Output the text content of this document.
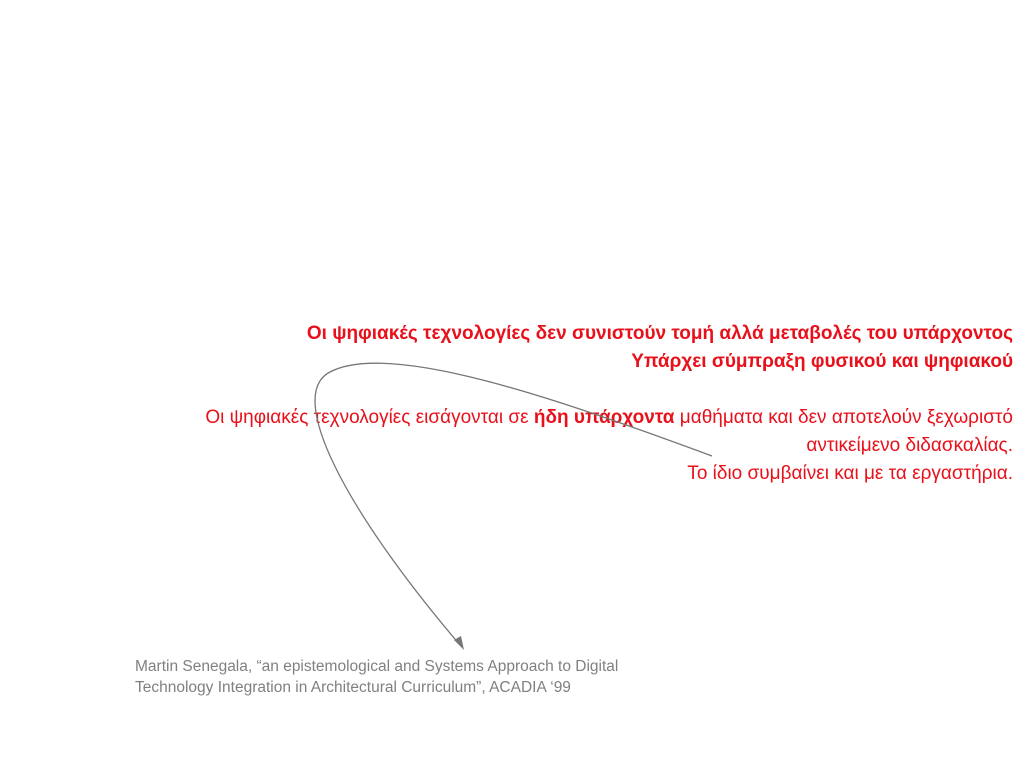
Οι ψηφιακές τεχνολογίες δεν συνιστούν τομή αλλά μεταβολές του υπάρχοντος

Υπάρχει σύμπραξη φυσικού και ψηφιακού

Οι ψηφιακές τεχνολογίες εισάγονται σε ήδη υπάρχοντα μαθήματα και δεν αποτελούν ξεχωριστό

αντικείμενο διδασκαλίας.

Το ίδιο συμβαίνει και με τα εργαστήρια.

Martin Senegala, “an epistemological and Systems Approach to Digital

Technology Integration in Architectural Curriculum”, ACADIA ‘99
